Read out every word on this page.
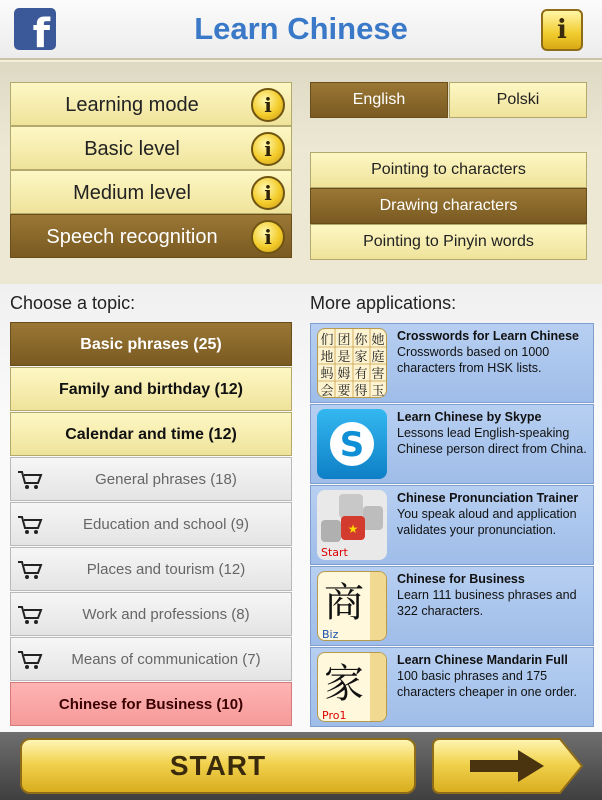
f	Learn Chinese	i
Learning mode	i
Basic level	i
Medium level	i
Speech recognition	i
English	Polski
Pointing to characters
Drawing characters
Pointing to Pinyin words
Choose a topic:	More applications:
Basic phrases (25)
Family and birthday (12)
Calendar and time (12)
General phrases (18)
Education and school (9)
Places and tourism (12)
Work and professions (8)
Means of communication (7)
Chinese for Business (10)
们 团 你 她
地 是 家 庭
蚂 姆 有 害
会 要 得 玉
Crosswords for Learn Chinese
Crosswords based on 1000 characters from HSK lists.
S
Learn Chinese by Skype
Lessons lead English-speaking Chinese person direct from China.
★
Start
Chinese Pronunciation Trainer
You speak aloud and application validates your pronunciation.
商
Biz
Chinese for Business
Learn 111 business phrases and 322 characters.
家
Pro1
Learn Chinese Mandarin Full
100 basic phrases and 175 characters cheaper in one order.
START
